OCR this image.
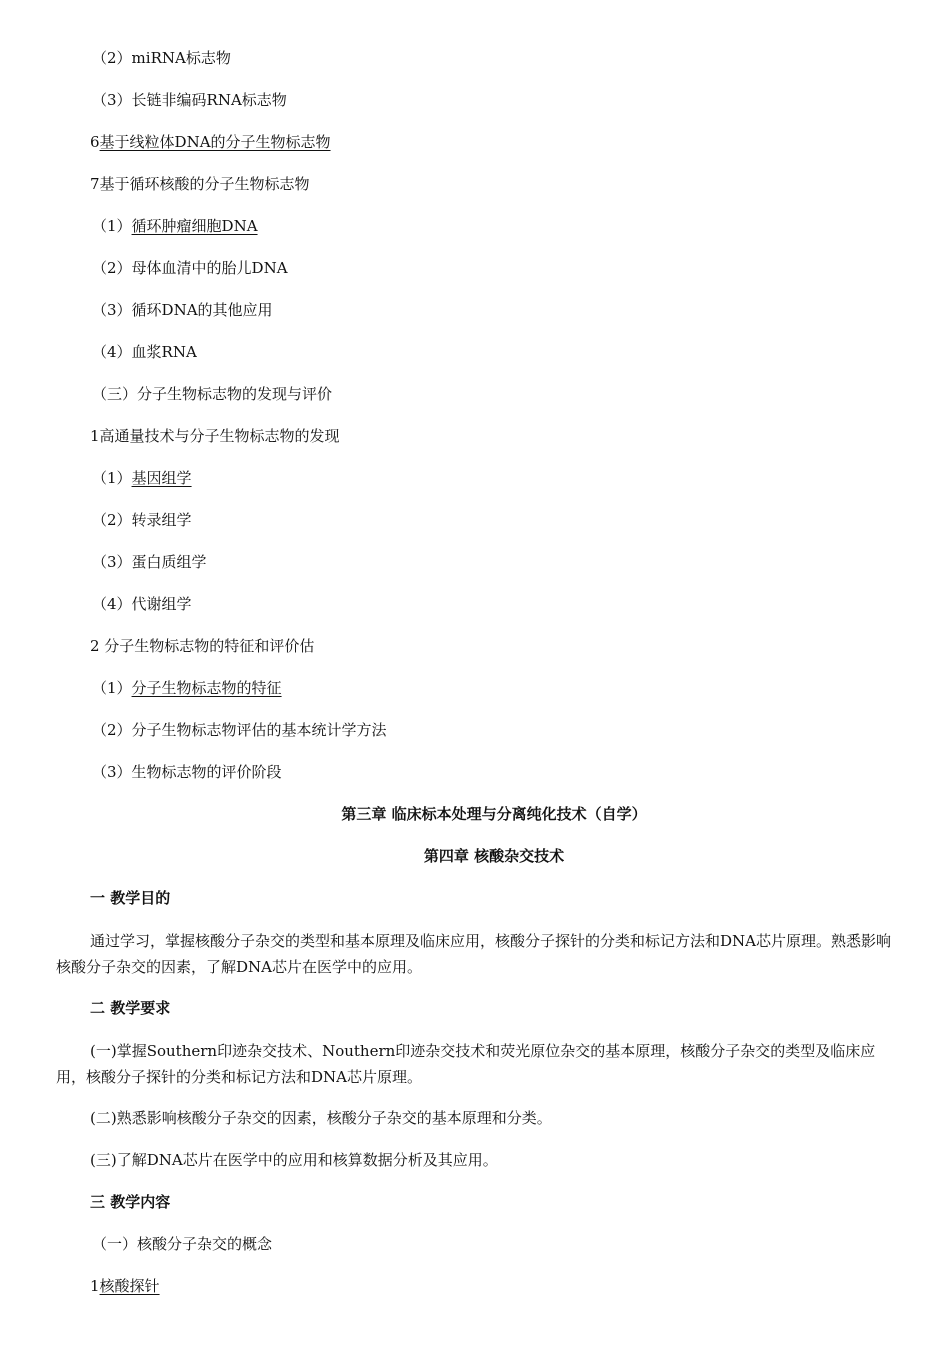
（2）miRNA标志物
（3）长链非编码RNA标志物
6基于线粒体DNA的分子生物标志物
7基于循环核酸的分子生物标志物
（1）循环肿瘤细胞DNA
（2）母体血清中的胎儿DNA
（3）循环DNA的其他应用
（4）血浆RNA
（三）分子生物标志物的发现与评价
1高通量技术与分子生物标志物的发现
（1）基因组学
（2）转录组学
（3）蛋白质组学
（4）代谢组学
2 分子生物标志物的特征和评价估
（1）分子生物标志物的特征
（2）分子生物标志物评估的基本统计学方法
（3）生物标志物的评价阶段
第三章 临床标本处理与分离纯化技术（自学）
第四章 核酸杂交技术
一 教学目的
通过学习，掌握核酸分子杂交的类型和基本原理及临床应用，核酸分子探针的分类和标记方法和DNA芯片原理。熟悉影响核酸分子杂交的因素，了解DNA芯片在医学中的应用。
二 教学要求
(一)掌握Southern印迹杂交技术、Nouthern印迹杂交技术和荧光原位杂交的基本原理，核酸分子杂交的类型及临床应用，核酸分子探针的分类和标记方法和DNA芯片原理。
(二)熟悉影响核酸分子杂交的因素，核酸分子杂交的基本原理和分类。
(三)了解DNA芯片在医学中的应用和核算数据分析及其应用。
三 教学内容
（一）核酸分子杂交的概念
1核酸探针
